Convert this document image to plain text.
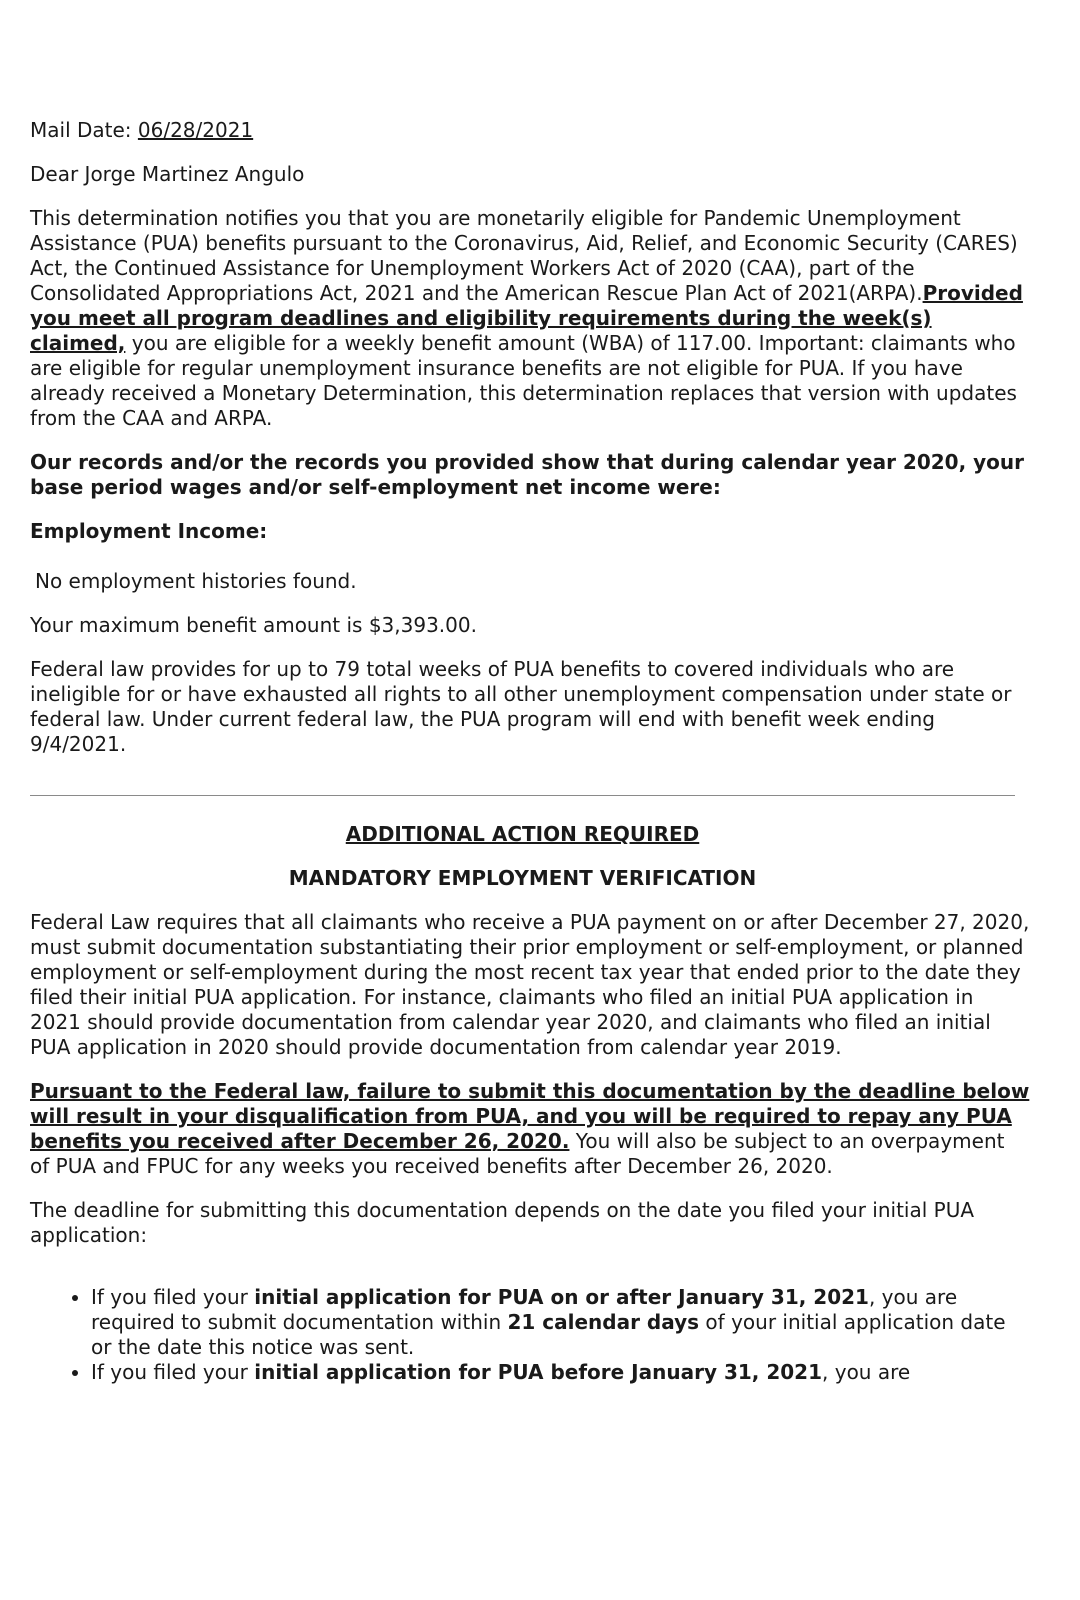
Mail Date: 06/28/2021

Dear Jorge Martinez Angulo

This determination notifies you that you are monetarily eligible for Pandemic Unemployment Assistance (PUA) benefits pursuant to the Coronavirus, Aid, Relief, and Economic Security (CARES) Act, the Continued Assistance for Unemployment Workers Act of 2020 (CAA), part of the Consolidated Appropriations Act, 2021 and the American Rescue Plan Act of 2021(ARPA).Provided you meet all program deadlines and eligibility requirements during the week(s) claimed, you are eligible for a weekly benefit amount (WBA) of 117.00. Important: claimants who are eligible for regular unemployment insurance benefits are not eligible for PUA. If you have already received a Monetary Determination, this determination replaces that version with updates from the CAA and ARPA.

Our records and/or the records you provided show that during calendar year 2020, your base period wages and/or self-employment net income were:

Employment Income:

No employment histories found.

Your maximum benefit amount is $3,393.00.

Federal law provides for up to 79 total weeks of PUA benefits to covered individuals who are ineligible for or have exhausted all rights to all other unemployment compensation under state or federal law. Under current federal law, the PUA program will end with benefit week ending 9/4/2021.

ADDITIONAL ACTION REQUIRED

MANDATORY EMPLOYMENT VERIFICATION

Federal Law requires that all claimants who receive a PUA payment on or after December 27, 2020, must submit documentation substantiating their prior employment or self-employment, or planned employment or self-employment during the most recent tax year that ended prior to the date they filed their initial PUA application. For instance, claimants who filed an initial PUA application in 2021 should provide documentation from calendar year 2020, and claimants who filed an initial PUA application in 2020 should provide documentation from calendar year 2019.

Pursuant to the Federal law, failure to submit this documentation by the deadline below will result in your disqualification from PUA, and you will be required to repay any PUA benefits you received after December 26, 2020. You will also be subject to an overpayment of PUA and FPUC for any weeks you received benefits after December 26, 2020.

The deadline for submitting this documentation depends on the date you filed your initial PUA application:

• If you filed your initial application for PUA on or after January 31, 2021, you are required to submit documentation within 21 calendar days of your initial application date or the date this notice was sent.
• If you filed your initial application for PUA before January 31, 2021, you are
